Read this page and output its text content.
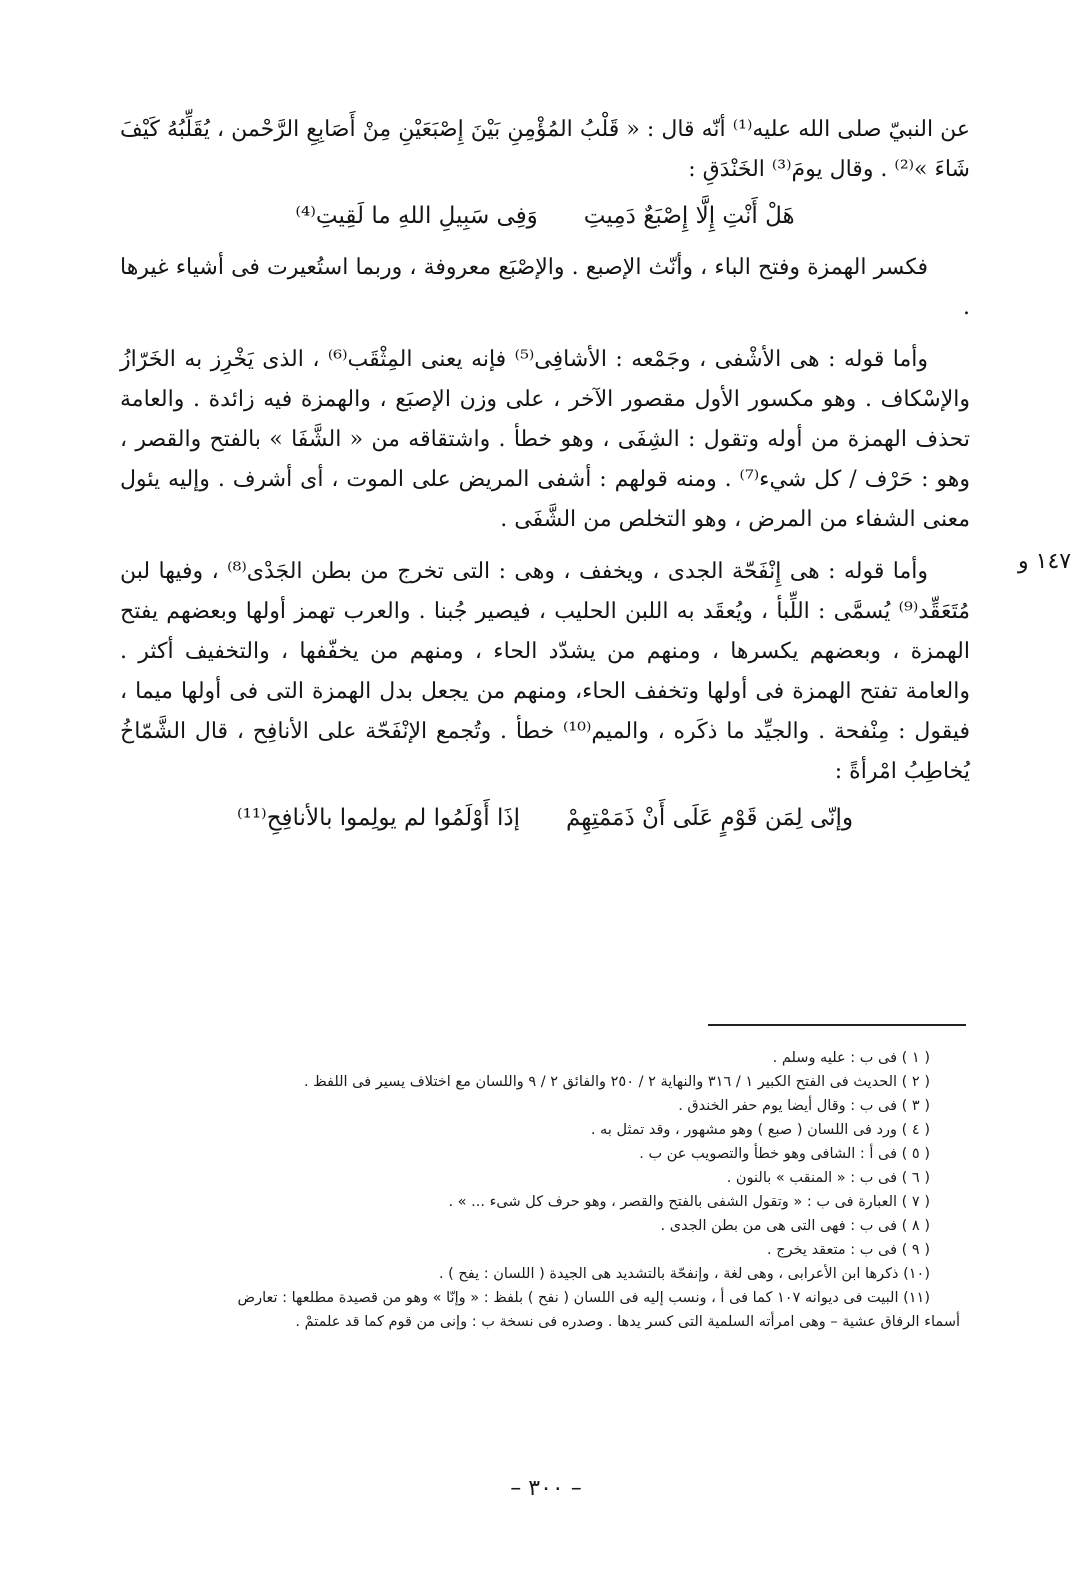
عن النبيّ صلى الله عليه⁽¹⁾ أنّه قال : « قَلْبُ المُؤْمِنِ بَيْنَ إِصْبَعَيْنِ مِنْ أَصَابِعِ الرَّحْمن ، يُقَلِّبُهُ كَيْفَ شَاءَ »⁽²⁾ . وقال يومَ⁽³⁾ الخَنْدَقِ :

هَلْ أَنْتِ إِلَّا إِصْبَعٌ دَمِيتِ
وَفِى سَبِيلِ اللهِ ما لَقِيتِ⁽⁴⁾

فكسر الهمزة وفتح الباء ، وأنّث الإصبع . والإصْبَع معروفة ، وربما استُعيرت فى أشياء غيرها .

وأما قوله : هى الأشْفى ، وجَمْعه : الأشافِى⁽⁵⁾ فإنه يعنى المِثْقَب⁽⁶⁾ ، الذى يَخْرِز به الخَرّازُ والإسْكاف . وهو مكسور الأول مقصور الآخر ، على وزن الإصبَع ، والهمزة فيه زائدة . والعامة تحذف الهمزة من أوله وتقول : الشِفَى ، وهو خطأ . واشتقاقه من « الشَّفَا » بالفتح والقصر ، وهو : حَرْف / كل شيء⁽⁷⁾ . ومنه قولهم : أشفى المريض على الموت ، أى أشرف . وإليه يئول معنى الشفاء من المرض ، وهو التخلص من الشَّفَى .

وأما قوله : هى إِنْفَحّة الجدى ، ويخفف ، وهى : التى تخرج من بطن الجَدْى⁽⁸⁾ ، وفيها لبن مُتَعَقِّد⁽⁹⁾ يُسمَّى : اللِّبأ ، ويُعقَد به اللبن الحليب ، فيصير جُبنا . والعرب تهمز أولها وبعضهم يفتح الهمزة ، وبعضهم يكسرها ، ومنهم من يشدّد الحاء ، ومنهم من يخفّفها ، والتخفيف أكثر . والعامة تفتح الهمزة فى أولها وتخفف الحاء، ومنهم من يجعل بدل الهمزة التى فى أولها ميما ، فيقول : مِنْفحة . والجيِّد ما ذكَره ، والميم⁽¹⁰⁾ خطأ . وتُجمع الإنْفَحّة على الأنافِح ، قال الشَّمّاخُ يُخاطِبُ امْرأةً :

وإنّى لِمَن قَوْمٍ عَلَى أَنْ ذَمَمْتِهِمْ
إذَا أَوْلَمُوا لم يولِموا بالأنافِحِ⁽¹¹⁾

١٤٧ و

( ١ ) فى ب : عليه وسلم .

( ٢ ) الحديث فى الفتح الكبير ١ / ٣١٦ والنهاية ٢ / ٢٥٠ والفائق ٢ / ٩ واللسان مع اختلاف يسير فى اللفظ .

( ٣ ) فى ب : وقال أيضا يوم حفر الخندق .

( ٤ ) ورد فى اللسان ( صبع ) وهو مشهور ، وقد تمثل به .

( ٥ ) فى أ : الشافى وهو خطأ والتصويب عن ب .

( ٦ ) فى ب : « المنقب » بالنون .

( ٧ ) العبارة فى ب : « وتقول الشفى بالفتح والقصر ، وهو حرف كل شىء ... » .

( ٨ ) فى ب : فهى التى هى من بطن الجدى .

( ٩ ) فى ب : متعقد يخرج .

(١٠) ذكرها ابن الأعرابى ، وهى لغة ، وإنفحّة بالتشديد هى الجيدة ( اللسان : يفح ) .

(١١) البيت فى ديوانه ١٠٧ كما فى أ ، ونسب إليه فى اللسان ( نفح ) بلفظ : « وإنّا » وهو من قصيدة مطلعها : تعارض

أسماء الرفاق عشية – وهى امرأته السلمية التى كسر يدها . وصدره فى نسخة ب : وإنى من قوم كما قد علمتمْ .

– ٣٠٠ –
